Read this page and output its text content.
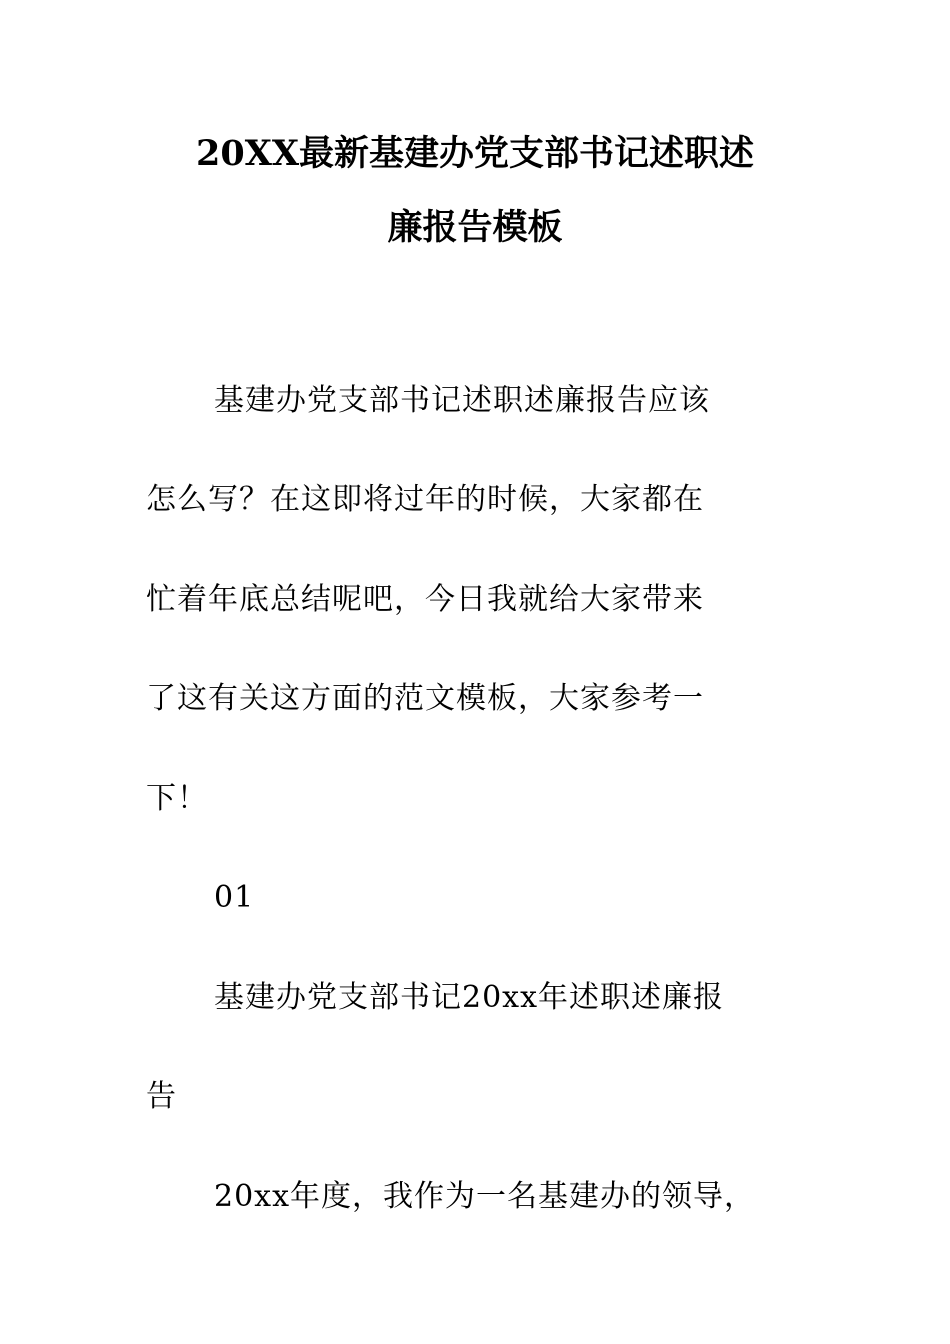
20XX最新基建办党支部书记述职述
廉报告模板
基建办党支部书记述职述廉报告应该
怎么写？在这即将过年的时候，大家都在
忙着年底总结呢吧，今日我就给大家带来
了这有关这方面的范文模板，大家参考一
下！
01
基建办党支部书记20xx年述职述廉报
告
20xx年度，我作为一名基建办的领导，
